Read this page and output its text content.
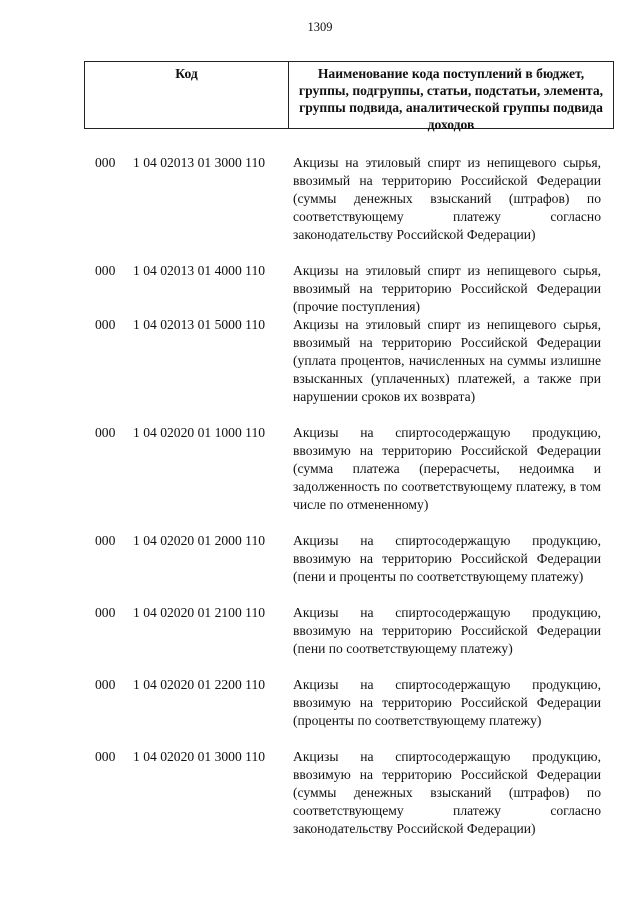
1309
Код	Наименование кода поступлений в бюджет, группы, подгруппы, статьи, подстатьи, элемента, группы подвида, аналитической группы подвида доходов
000	1 04 02013 01 3000 110	Акцизы на этиловый спирт из непищевого сырья, ввозимый на территорию Российской Федерации (суммы денежных взысканий (штрафов) по соответствующему платежу согласно законодательству Российской Федерации)
000	1 04 02013 01 4000 110	Акцизы на этиловый спирт из непищевого сырья, ввозимый на территорию Российской Федерации (прочие поступления)
000	1 04 02013 01 5000 110	Акцизы на этиловый спирт из непищевого сырья, ввозимый на территорию Российской Федерации (уплата процентов, начисленных на суммы излишне взысканных (уплаченных) платежей, а также при нарушении сроков их возврата)
000	1 04 02020 01 1000 110	Акцизы на спиртосодержащую продукцию, ввозимую на территорию Российской Федерации (сумма платежа (перерасчеты, недоимка и задолженность по соответствующему платежу, в том числе по отмененному)
000	1 04 02020 01 2000 110	Акцизы на спиртосодержащую продукцию, ввозимую на территорию Российской Федерации (пени и проценты по соответствующему платежу)
000	1 04 02020 01 2100 110	Акцизы на спиртосодержащую продукцию, ввозимую на территорию Российской Федерации (пени по соответствующему платежу)
000	1 04 02020 01 2200 110	Акцизы на спиртосодержащую продукцию, ввозимую на территорию Российской Федерации (проценты по соответствующему платежу)
000	1 04 02020 01 3000 110	Акцизы на спиртосодержащую продукцию, ввозимую на территорию Российской Федерации (суммы денежных взысканий (штрафов) по соответствующему платежу согласно законодательству Российской Федерации)
